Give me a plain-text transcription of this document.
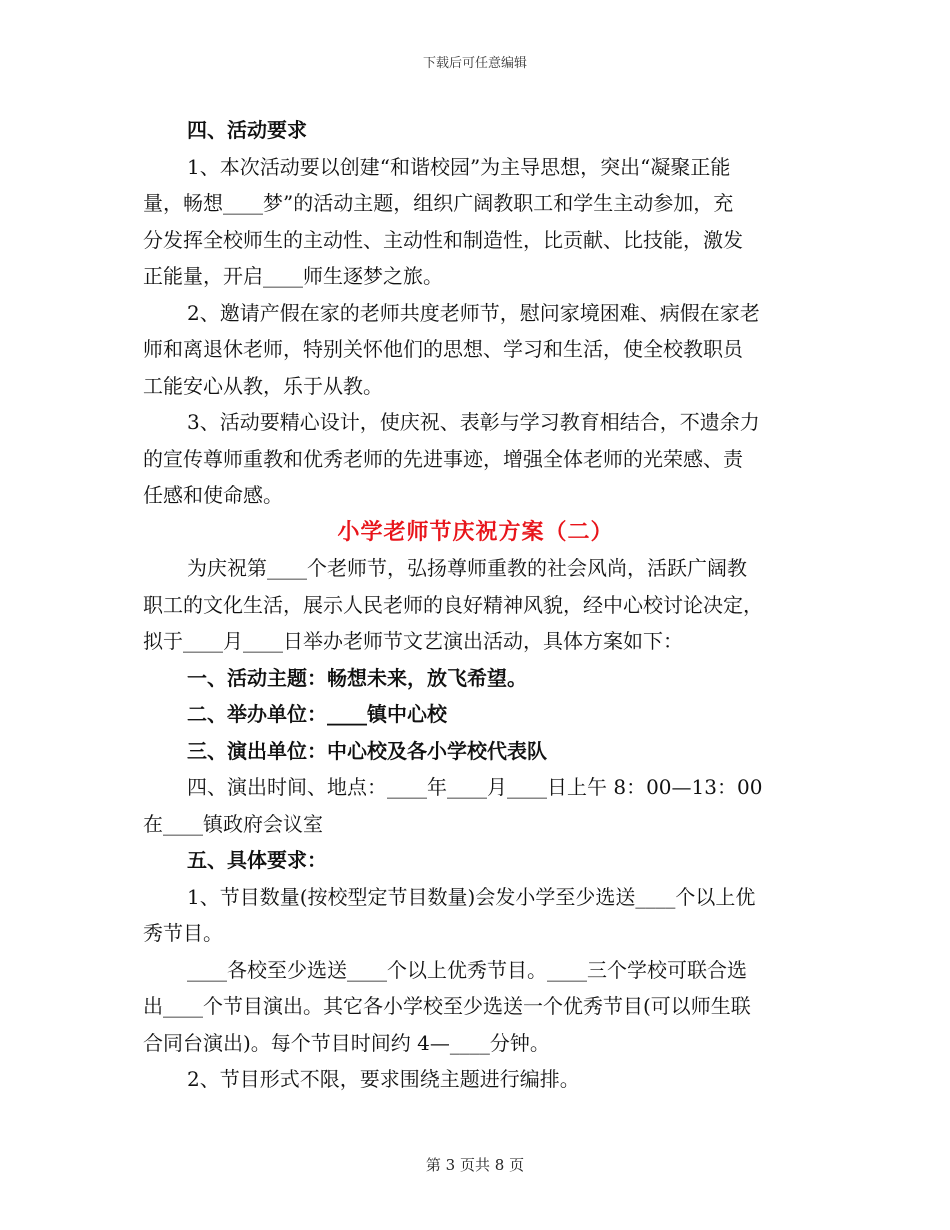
下载后可任意编辑
四、活动要求
1、本次活动要以创建“和谐校园”为主导思想，突出“凝聚正能
量，畅想____梦”的活动主题，组织广阔教职工和学生主动参加，充
分发挥全校师生的主动性、主动性和制造性，比贡献、比技能，激发
正能量，开启____师生逐梦之旅。
2、邀请产假在家的老师共度老师节，慰问家境困难、病假在家老
师和离退休老师，特别关怀他们的思想、学习和生活，使全校教职员
工能安心从教，乐于从教。
3、活动要精心设计，使庆祝、表彰与学习教育相结合，不遗余力
的宣传尊师重教和优秀老师的先进事迹，增强全体老师的光荣感、责
任感和使命感。
小学老师节庆祝方案（二）
为庆祝第____个老师节，弘扬尊师重教的社会风尚，活跃广阔教
职工的文化生活，展示人民老师的良好精神风貌，经中心校讨论决定，
拟于____月____日举办老师节文艺演出活动，具体方案如下：
一、活动主题：畅想未来，放飞希望。
二、举办单位：____镇中心校
三、演出单位：中心校及各小学校代表队
四、演出时间、地点：____年____月____日上午 8：00—13：00
在____镇政府会议室
五、具体要求：
1、节目数量(按校型定节目数量)会发小学至少选送____个以上优
秀节目。
____各校至少选送____个以上优秀节目。____三个学校可联合选
出____个节目演出。其它各小学校至少选送一个优秀节目(可以师生联
合同台演出)。每个节目时间约 4—____分钟。
2、节目形式不限，要求围绕主题进行编排。
第 3 页共 8 页
